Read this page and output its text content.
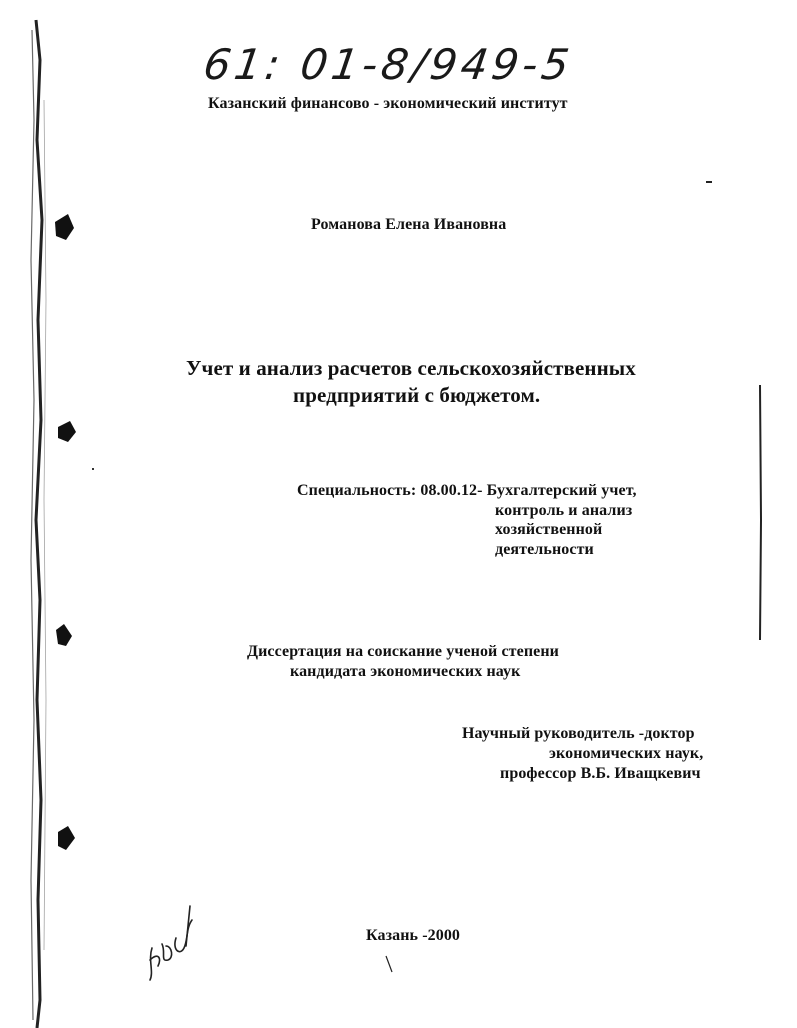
61: 01-8/949-5
Казанский финансово - экономический институт
Романова Елена Ивановна
Учет и анализ расчетов сельскохозяйственных
предприятий с бюджетом.
Специальность: 08.00.12- Бухгалтерский учет,
контроль и анализ
хозяйственной
деятельности
Диссертация на соискание ученой степени
кандидата экономических наук
Научный руководитель -доктор
экономических наук,
профессор В.Б. Иващкевич
Казань -2000
